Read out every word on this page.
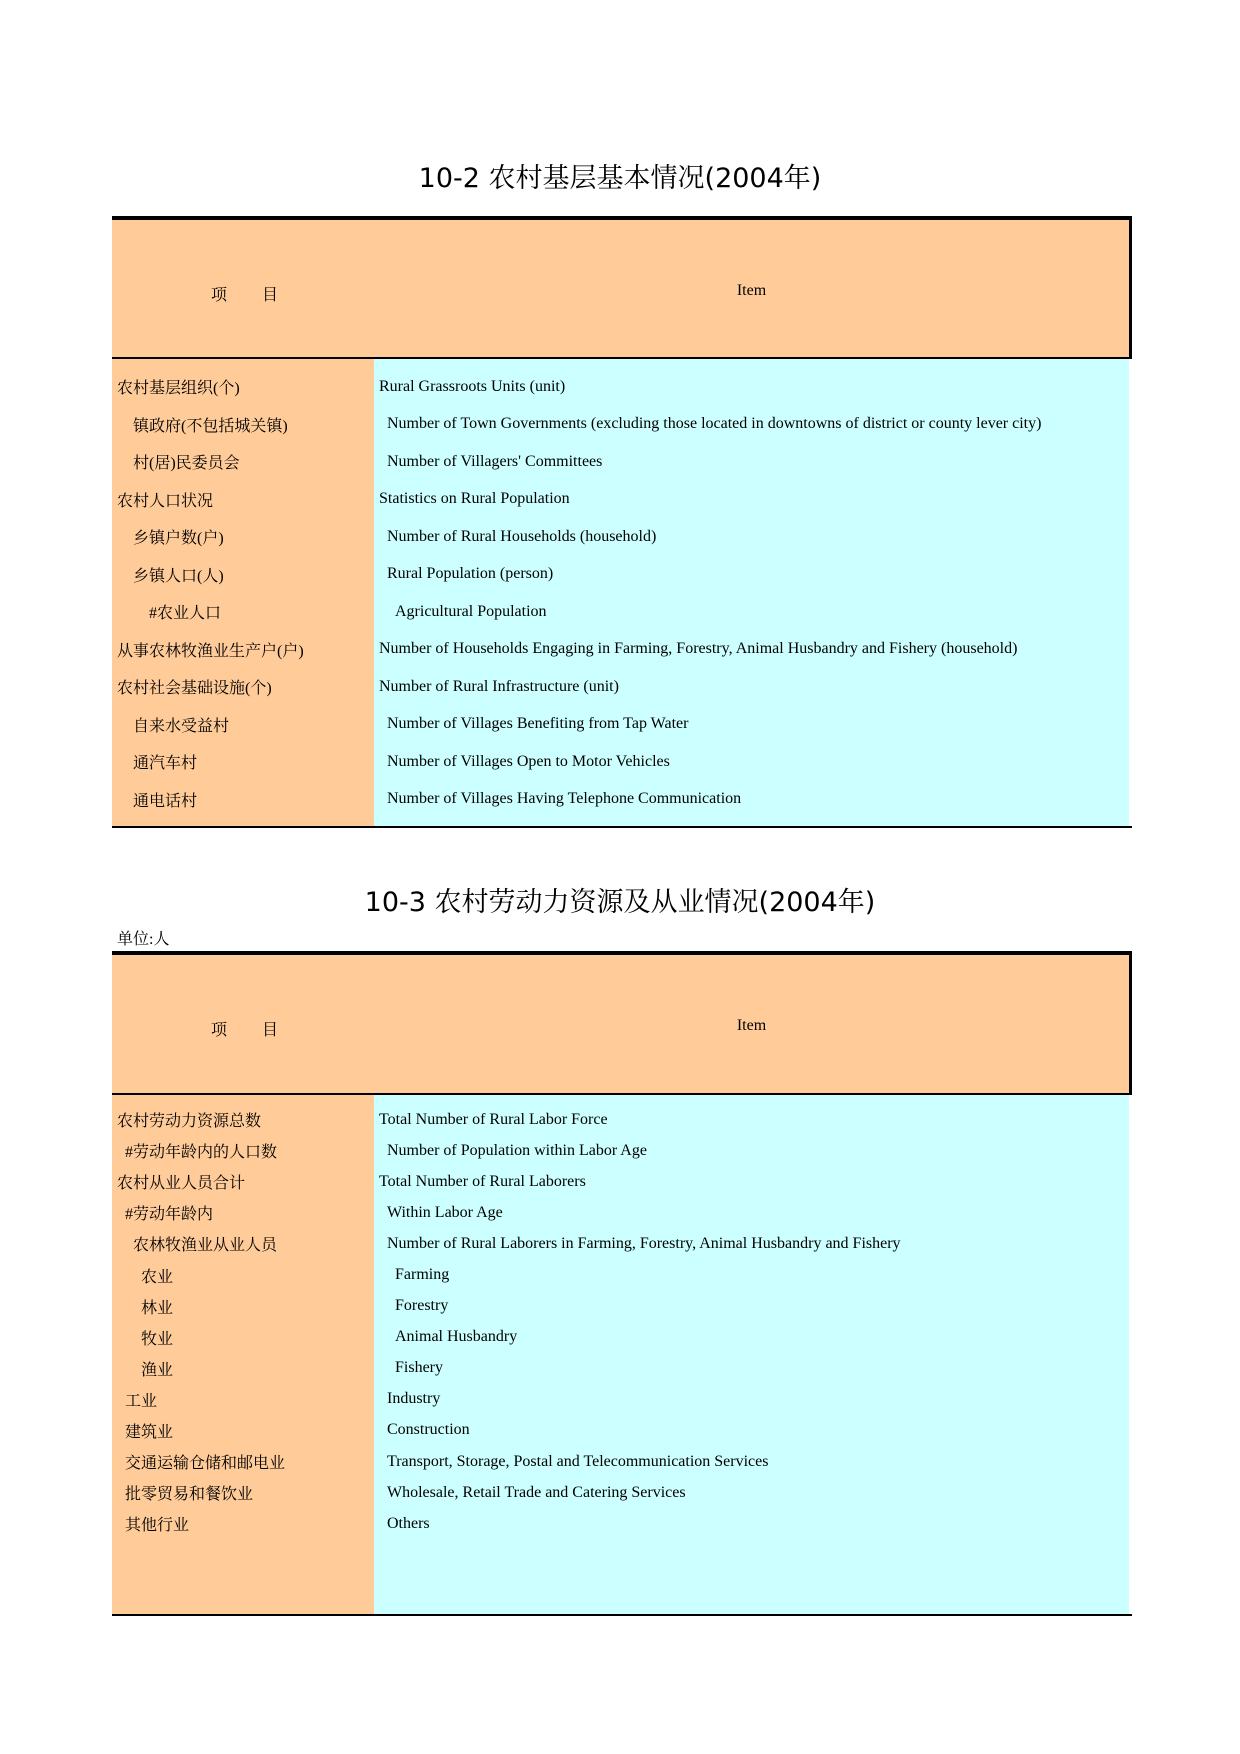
10-2 农村基层基本情况(2004年)
项 目	Item
农村基层组织(个)
镇政府(不包括城关镇)
村(居)民委员会
农村人口状况
乡镇户数(户)
乡镇人口(人)
#农业人口
从事农林牧渔业生产户(户)
农村社会基础设施(个)
自来水受益村
通汽车村
通电话村
Rural Grassroots Units (unit)
Number of Town Governments (excluding those located in downtowns of district or county lever city)
Number of Villagers' Committees
Statistics on Rural Population
Number of Rural Households (household)
Rural Population (person)
Agricultural Population
Number of Households Engaging in Farming, Forestry, Animal Husbandry and Fishery (household)
Number of Rural Infrastructure (unit)
Number of Villages Benefiting from Tap Water
Number of Villages Open to Motor Vehicles
Number of Villages Having Telephone Communication
10-3 农村劳动力资源及从业情况(2004年)
单位:人
项 目	Item
农村劳动力资源总数
#劳动年龄内的人口数
农村从业人员合计
#劳动年龄内
农林牧渔业从业人员
农业
林业
牧业
渔业
工业
建筑业
交通运输仓储和邮电业
批零贸易和餐饮业
其他行业
Total Number of Rural Labor Force
Number of Population within Labor Age
Total Number of Rural Laborers
Within Labor Age
Number of Rural Laborers in Farming, Forestry, Animal Husbandry and Fishery
Farming
Forestry
Animal Husbandry
Fishery
Industry
Construction
Transport, Storage, Postal and Telecommunication Services
Wholesale, Retail Trade and Catering Services
Others
